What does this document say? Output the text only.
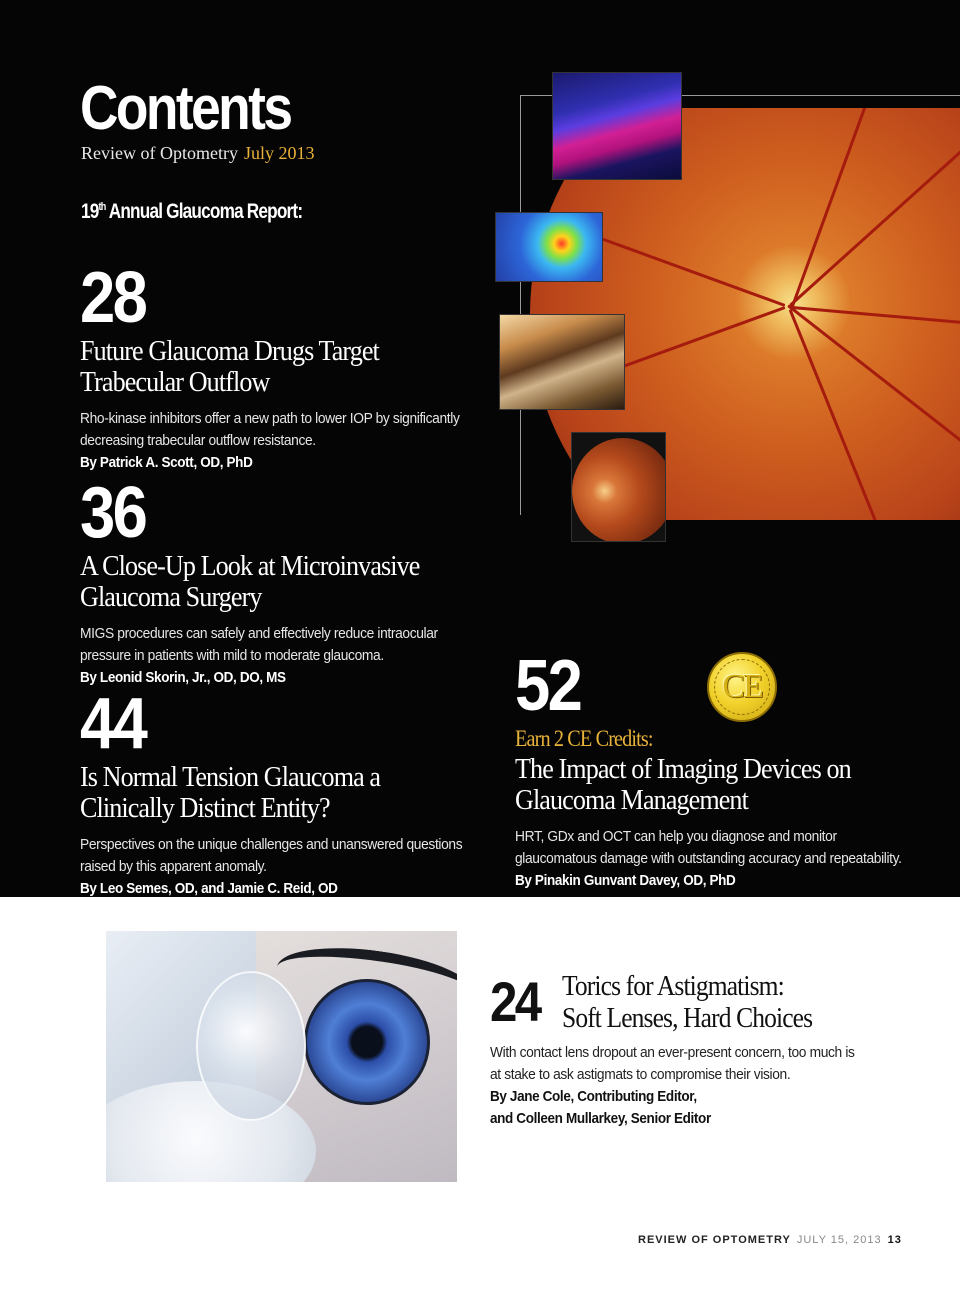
Contents
Review of Optometry July 2013
19th Annual Glaucoma Report:
28
Future Glaucoma Drugs Target
Trabecular Outflow
Rho-kinase inhibitors offer a new path to lower IOP by significantly decreasing trabecular outflow resistance.
By Patrick A. Scott, OD, PhD
36
A Close-Up Look at Microinvasive
Glaucoma Surgery
MIGS procedures can safely and effectively reduce intraocular pressure in patients with mild to moderate glaucoma.
By Leonid Skorin, Jr., OD, DO, MS
44
Is Normal Tension Glaucoma a
Clinically Distinct Entity?
Perspectives on the unique challenges and unanswered questions raised by this apparent anomaly.
By Leo Semes, OD, and Jamie C. Reid, OD
52
Earn 2 CE Credits:
The Impact of Imaging Devices on
Glaucoma Management
HRT, GDx and OCT can help you diagnose and monitor glaucomatous damage with outstanding accuracy and repeatability.
By Pinakin Gunvant Davey, OD, PhD
CE
24 Torics for Astigmatism:
Soft Lenses, Hard Choices
With contact lens dropout an ever-present concern, too much is at stake to ask astigmats to compromise their vision.
By Jane Cole, Contributing Editor,
and Colleen Mullarkey, Senior Editor
REVIEW OF OPTOMETRY JULY 15, 2013 13
